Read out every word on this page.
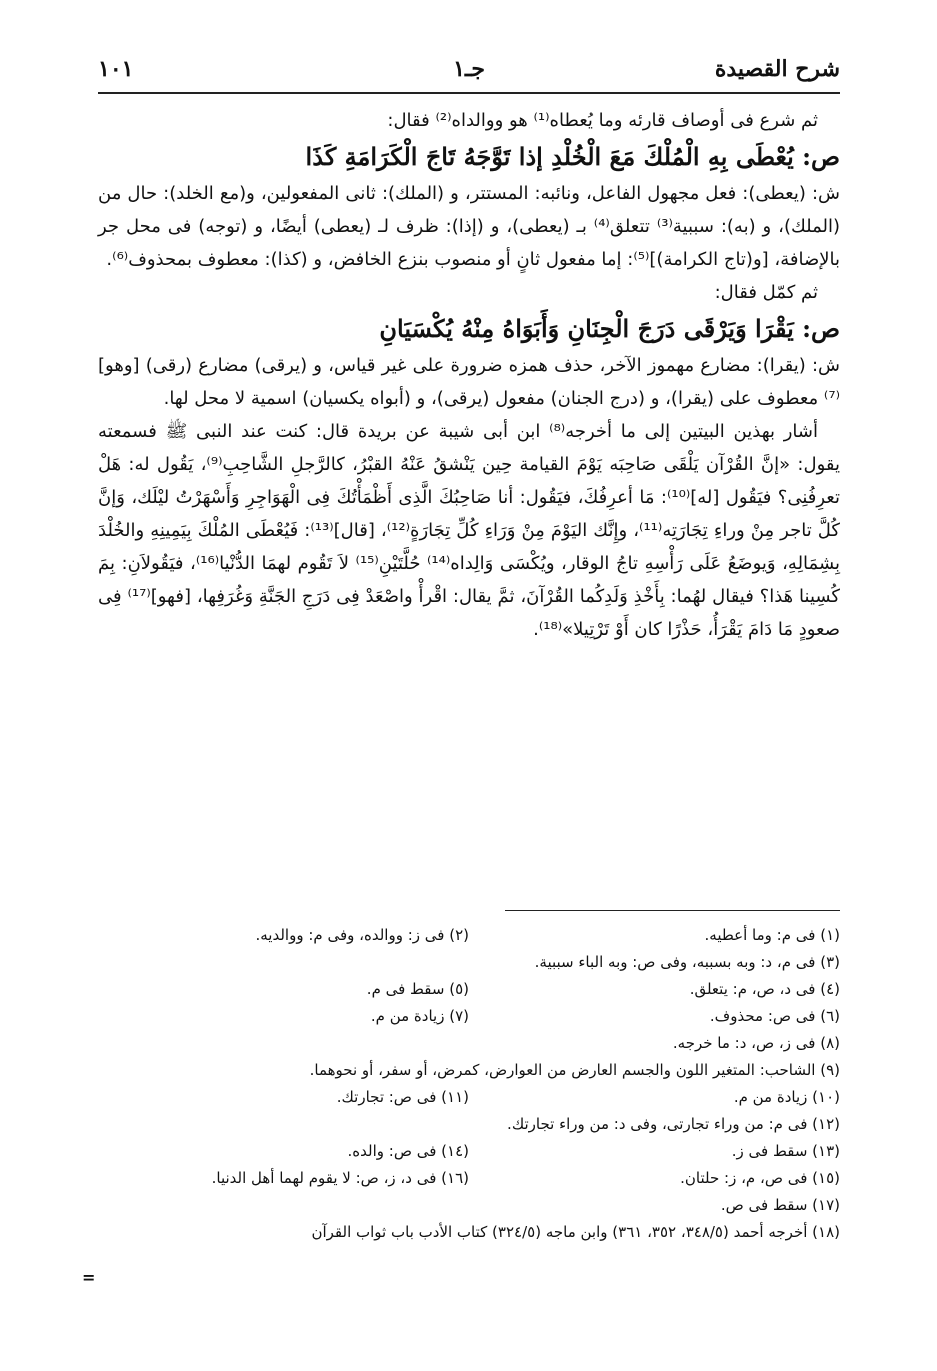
شرح القصيدة
جـ١
١٠١

ثم شرع فى أوصاف قارئه وما يُعطاه⁽¹⁾ هو ووالداه⁽²⁾ فقال:

ص: يُعْطَى بِهِ الْمُلْكَ مَعَ الْخُلْدِ إذا تَوَّجَهُ تَاجَ الْكَرَامَةِ كَذَا

ش: (يعطى): فعل مجهول الفاعل، ونائبه: المستتر، و (الملك): ثانى المفعولين، و(مع الخلد): حال من (الملك)، و (به): سببية⁽³⁾ تتعلق⁽⁴⁾ بـ (يعطى)، و (إذا): ظرف لـ (يعطى) أيضًا، و (توجه) فى محل جر بالإضافة، [و(تاج الكرامة)]⁽⁵⁾: إما مفعول ثانٍ أو منصوب بنزع الخافض، و (كذا): معطوف بمحذوف⁽⁶⁾.

ثم كمّل فقال:

ص: يَقْرَا وَيَرْقَى دَرَجَ الْجِنَانِ وَأَبَوَاهُ مِنْهُ يُكْسَيَانِ

ش: (يقرا): مضارع مهموز الآخر، حذف همزه ضرورة على غير قياس، و (يرقى) مضارع (رقى) [وهو]⁽⁷⁾ معطوف على (يقرا)، و (درج الجنان) مفعول (يرقى)، و (أبواه يكسيان) اسمية لا محل لها.

أشار بهذين البيتين إلى ما أخرجه⁽⁸⁾ ابن أبى شيبة عن بريدة قال: كنت عند النبى ﷺ فسمعته يقول: «إنَّ القُرْآن يَلْقَى صَاحِبَه يَوْمَ القيامة حِين يَنْشقُ عَنْهُ القبْرُ، كالرَّجلِ الشَّاحِبِ⁽⁹⁾، يَقُول له: هَلْ تعرِفُنِى؟ فيَقُول [له]⁽¹⁰⁾: مَا أعرِفُكَ، فيَقُول: أنا صَاحِبُكَ الَّذِى أَظْمَأْتُكَ فِى الْهَوَاجِرِ وَأَسْهَرْتُ ليْلَك، وَإنَّ كُلَّ تاجر مِنْ وراءِ تِجَارَتِه⁽¹¹⁾، وإِنَّك اليَوْمَ مِنْ وَرَاءِ كُلِّ تِجَارَةٍ⁽¹²⁾، [قال]⁽¹³⁾: فَيُعْطَى المُلْكَ بِيَمِينِهِ والخُلْدَ بِشِمَالِهِ، وَيوضَعُ عَلَى رَأْسِهِ تاجُ الوقار، ويُكْسَى وَالِداه⁽¹⁴⁾ حُلَّتَيْنِ⁽¹⁵⁾ لاَ تَقُوم لهمَا الدُّنْيا⁽¹⁶⁾، فيَقُولاَنِ: بِمَ كُسِينا هَذا؟ فيقال لهُما: بِأَخْذِ وَلَدِكُما القُرْآنَ، ثمَّ يقال: اقْرأْ واصْعَدْ فِى دَرَجِ الجَنَّةِ وَغُرَفِها، [فهو]⁽¹⁷⁾ فِى صعودٍ مَا دَامَ يَقْرَأُ، حَذْرًا كان أَوْ تَرْتِيلا»⁽¹⁸⁾.

(١) فى م: وما أعطيه.
(٢) فى ز: ووالده، وفى م: ووالديه.
(٣) فى م، د: وبه بسببه، وفى ص: وبه الباء سببية.
(٤) فى د، ص، م: يتعلق.
(٥) سقط فى م.
(٦) فى ص: محذوف.
(٧) زيادة من م.
(٨) فى ز، ص، د: ما خرجه.
(٩) الشاحب: المتغير اللون والجسم العارض من العوارض، كمرض، أو سفر، أو نحوهما.
(١٠) زيادة من م.
(١١) فى ص: تجارتك.
(١٢) فى م: من وراء تجارتى، وفى د: من وراء تجارتك.
(١٣) سقط فى ز.
(١٤) فى ص: والده.
(١٥) فى ص، م، ز: حلتان.
(١٦) فى د، ز، ص: لا يقوم لهما أهل الدنيا.
(١٧) سقط فى ص.
(١٨) أخرجه أحمد (٣٤٨/٥، ٣٥٢، ٣٦١) وابن ماجه (٣٢٤/٥) كتاب الأدب باب ثواب القرآن
=
